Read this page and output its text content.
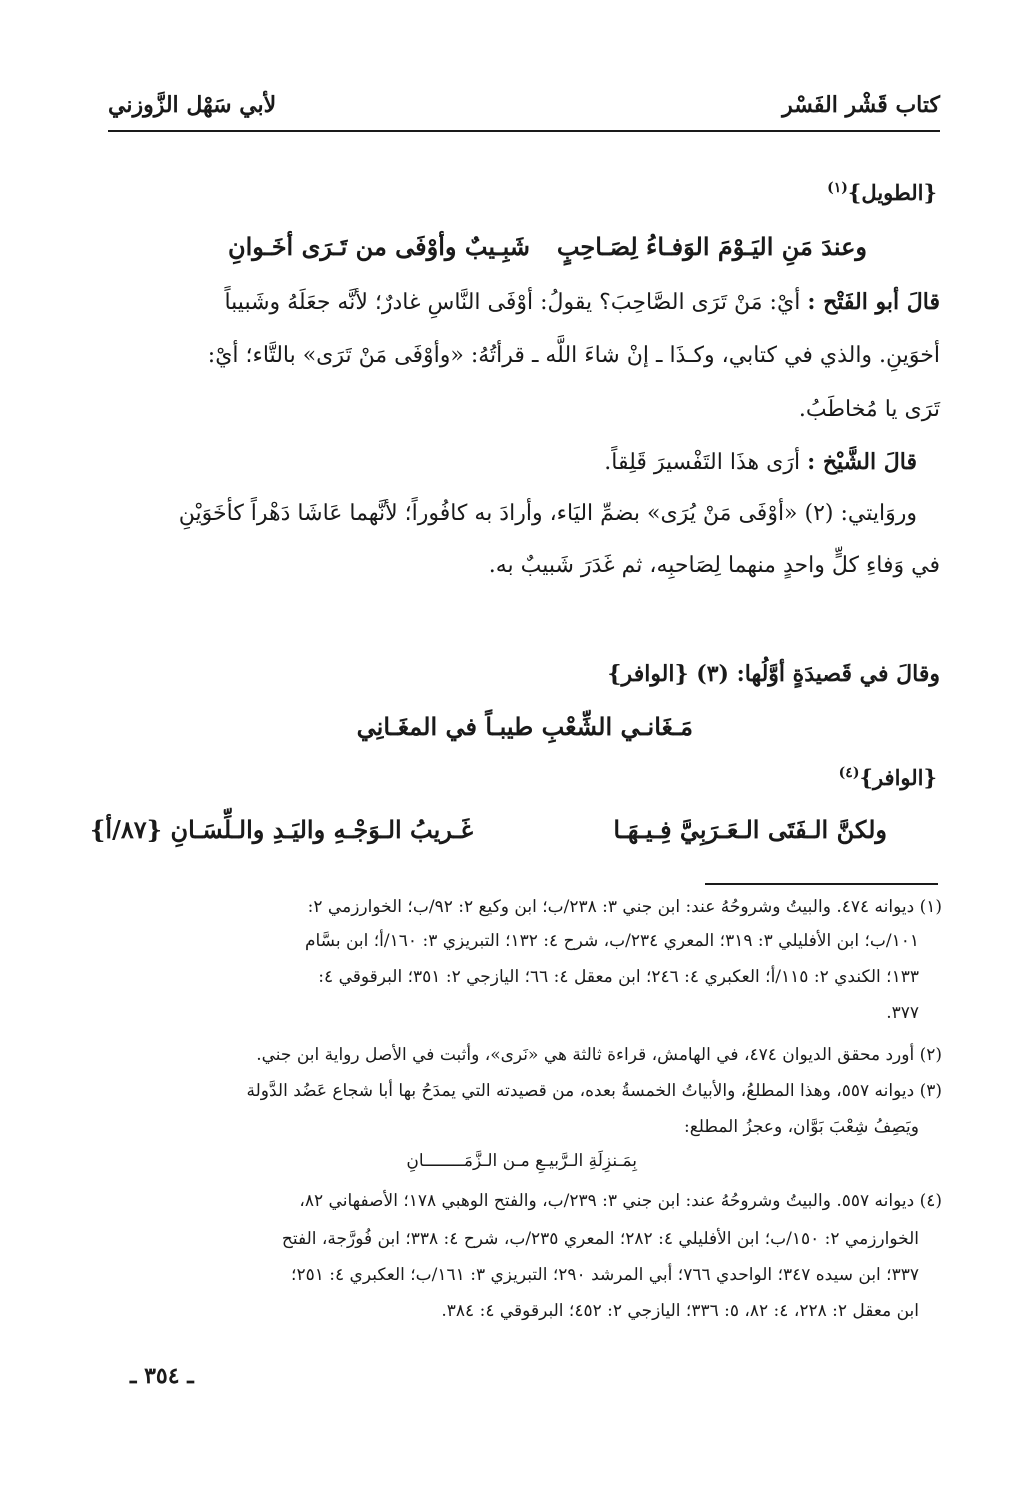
كتاب قَشْر الفَسْر
لأبي سَهْل الزَّوزني
{الطويل}$^{(١)}$
وعندَ مَنِ اليَـوْمَ الوَفـاءُ لِصَـاحِبٍ
شَبِـيبٌ وأوْفَى من تَـرَى أخَـوانِ
قالَ أبو الفَتْح : أيْ: مَنْ تَرَى الصَّاحِبَ؟ يقولُ: أوْفَى النَّاسِ غادرٌ؛ لأنَّه جعَلَهُ وشَبيباً
أخوَينِ. والذي في كتابي، وكـذَا ـ إنْ شاءَ اللَّه ـ قرأتُهُ: «وأوْفَى مَنْ تَرَى» بالتَّاء؛ أيْ:
تَرَى يا مُخاطَبُ.
قالَ الشَّيْخ : أرَى هذَا التَفْسيرَ قَلِقاً.
وروَايتي: (٢) «أوْفَى مَنْ يُرَى» بضمِّ اليَاء، وأرادَ به كافُوراً؛ لأنَّهما عَاشَا دَهْراً كأخَوَيْنِ
في وَفاءِ كلٍّ واحدٍ منهما لِصَاحبِه، ثم غَدَرَ شَبيبٌ به.
وقالَ في قَصيدَةٍ أوَّلُها: (٣) {الوافر}
مَـغَانـي الشِّعْبِ طيبـاً في المغَـانِي
{الوافر}$^{(٤)}$
ولكنَّ الـفَتَى الـعَـرَبِيَّ فِـيـهَـا
غَـريبُ الـوَجْـهِ واليَـدِ والـلِّسَـانِ {٨٧/أ}
(١) ديوانه ٤٧٤. والبيتُ وشروحُهُ عند: ابن جني ٣: ٢٣٨/ب؛ ابن وكيع ٢: ٩٢/ب؛ الخوارزمي ٢:
١٠١/ب؛ ابن الأفليلي ٣: ٣١٩؛ المعري ٢٣٤/ب، شرح ٤: ١٣٢؛ التبريزي ٣: ١٦٠/أ؛ ابن بسَّام
١٣٣؛ الكندي ٢: ١١٥/أ؛ العكبري ٤: ٢٤٦؛ ابن معقل ٤: ٦٦؛ اليازجي ٢: ٣٥١؛ البرقوقي ٤:
٣٧٧.
(٢) أورد محقق الديوان ٤٧٤، في الهامش، قراءة ثالثة هي «نَرى»، وأثبت في الأصل رواية ابن جني.
(٣) ديوانه ٥٥٧، وهذا المطلعُ، والأبياتُ الخمسةُ بعده، من قصيدته التي يمدَحُ بها أبا شجاع عَضُد الدَّولة
ويَصِفُ شِعْبَ بَوَّان، وعجزُ المطلع:
بِمَـنزِلَةِ الـرَّبيـعِ مـن الـزَّمَــــــــانِ
(٤) ديوانه ٥٥٧. والبيتُ وشروحُهُ عند: ابن جني ٣: ٢٣٩/ب، والفتح الوهبي ١٧٨؛ الأصفهاني ٨٢،
الخوارزمي ٢: ١٥٠/ب؛ ابن الأفليلي ٤: ٢٨٢؛ المعري ٢٣٥/ب، شرح ٤: ٣٣٨؛ ابن فُورَّجة، الفتح
٣٣٧؛ ابن سيده ٣٤٧؛ الواحدي ٧٦٦؛ أبي المرشد ٢٩٠؛ التبريزي ٣: ١٦١/ب؛ العكبري ٤: ٢٥١؛
ابن معقل ٢: ٢٢٨، ٤: ٨٢، ٥: ٣٣٦؛ اليازجي ٢: ٤٥٢؛ البرقوقي ٤: ٣٨٤.
ـ ٣٥٤ ـ
